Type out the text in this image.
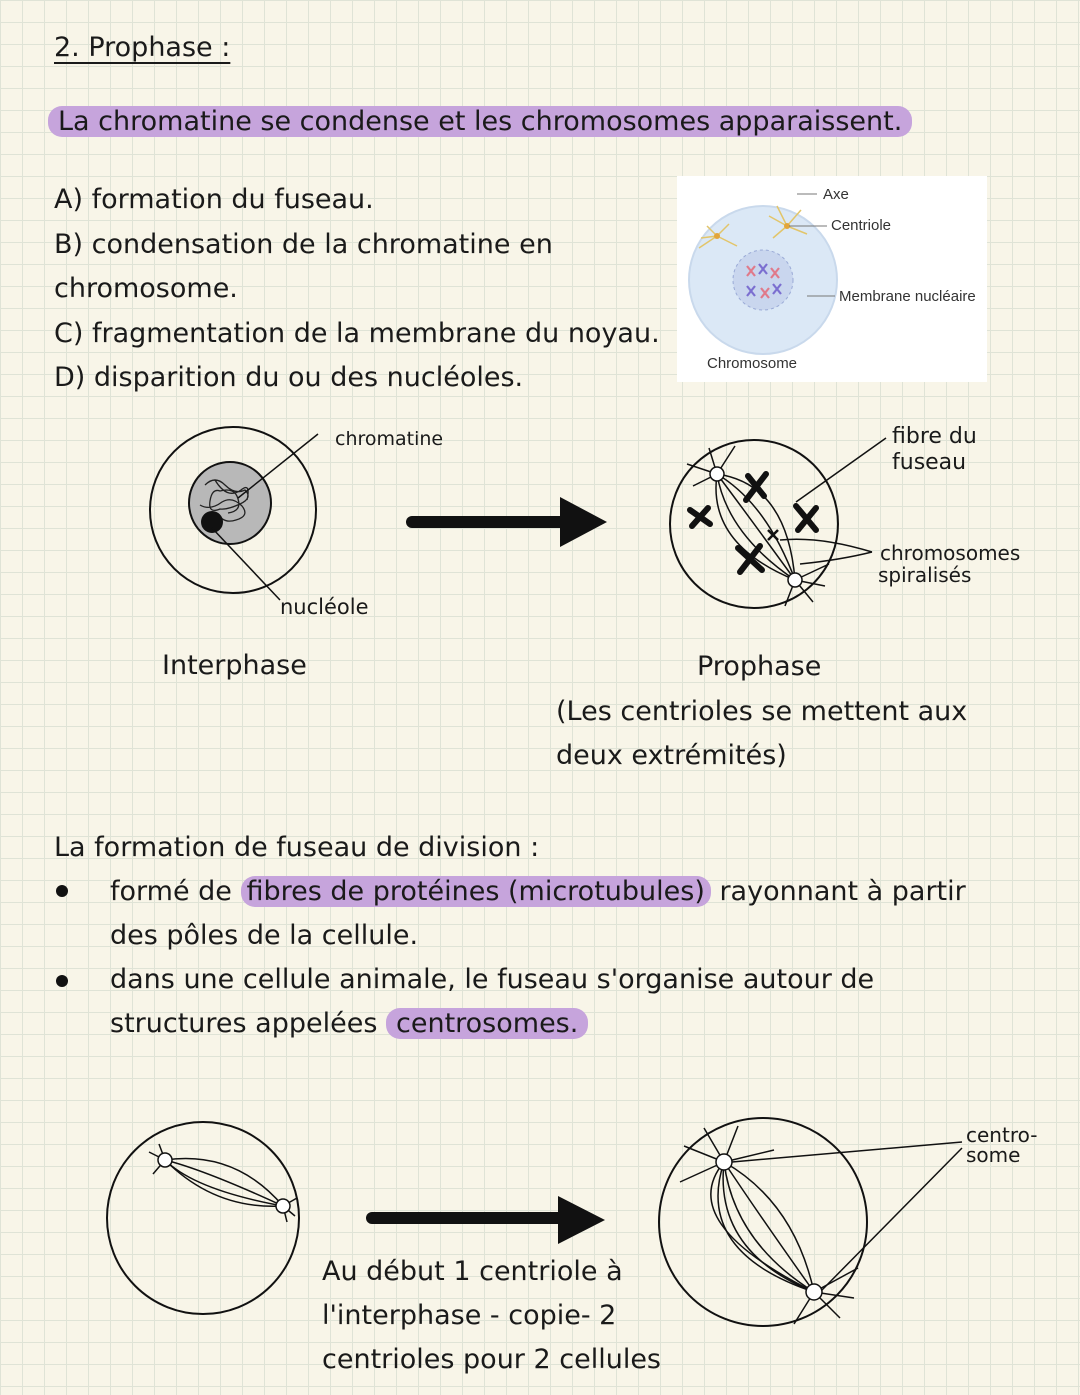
2. Prophase :
La chromatine se condense et les chromosomes apparaissent.
A) formation du fuseau.
B) condensation de la chromatine en
chromosome.
C) fragmentation de la membrane du noyau.
D) disparition du ou des nucléoles.
Axe
Centriole
Membrane nucléaire
Chromosome
chromatine
nucléole
fibre du
fuseau
chromosomes
spiralisés
Interphase	Prophase
(Les centrioles se mettent aux
deux extrémités)
La formation de fuseau de division :
formé de fibres de protéines (microtubules) rayonnant à partir
des pôles de la cellule.
dans une cellule animale, le fuseau s'organise autour de
structures appelées centrosomes.
centro-
some
Au début 1 centriole à
l'interphase - copie- 2
centrioles pour 2 cellules
